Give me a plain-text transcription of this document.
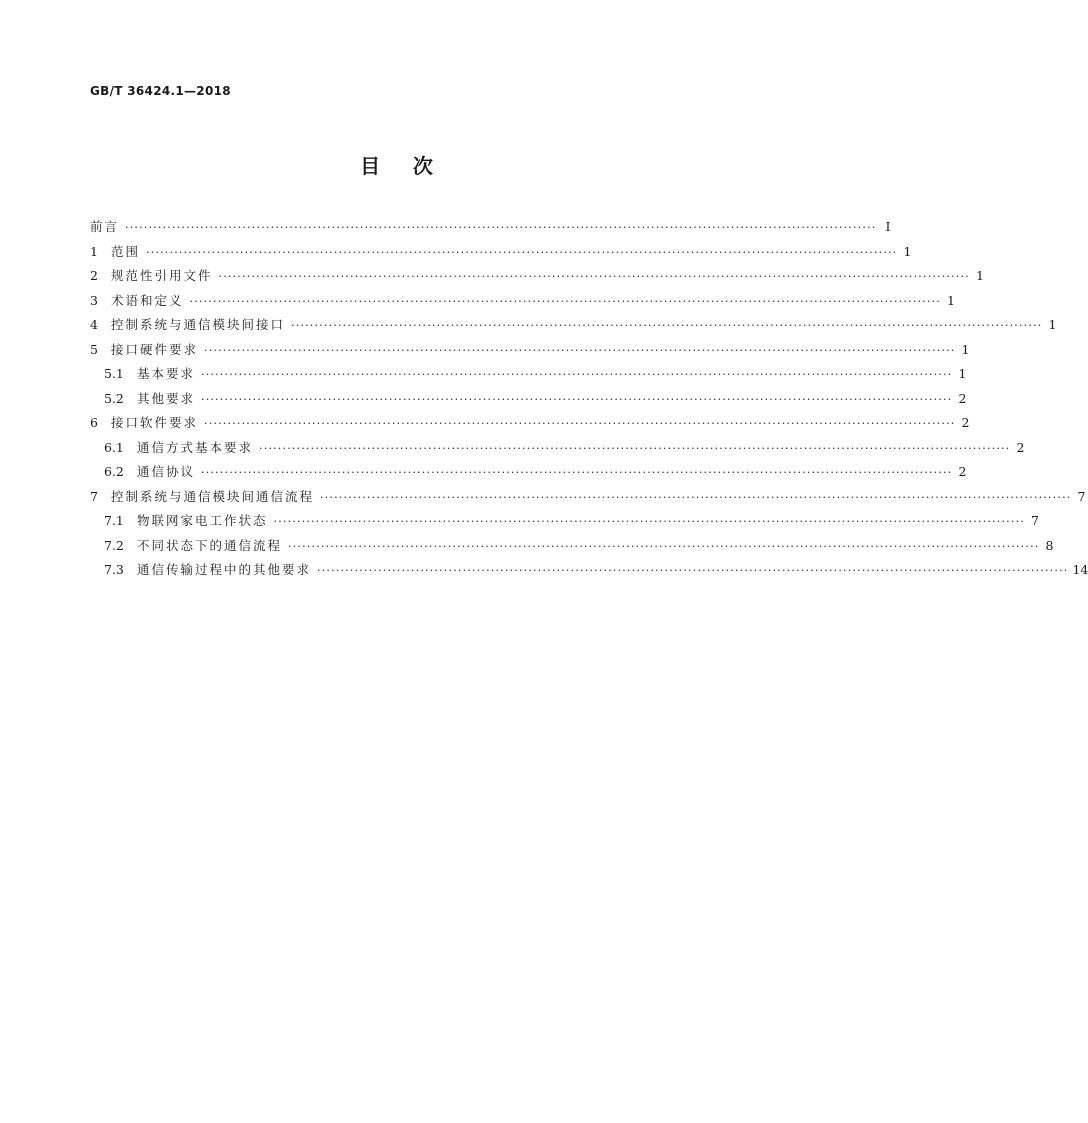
GB/T 36424.1—2018
目    次
前言 ································································································································································ I
1	范围 ································································································································································ 1
2	规范性引用文件 ································································································································································ 1
3	术语和定义 ································································································································································ 1
4	控制系统与通信模块间接口 ································································································································································ 1
5	接口硬件要求 ································································································································································ 1
5.1	基本要求 ································································································································································ 1
5.2	其他要求 ································································································································································ 2
6	接口软件要求 ································································································································································ 2
6.1	通信方式基本要求 ································································································································································ 2
6.2	通信协议 ································································································································································ 2
7	控制系统与通信模块间通信流程 ································································································································································ 7
7.1	物联网家电工作状态 ································································································································································ 7
7.2	不同状态下的通信流程 ································································································································································ 8
7.3	通信传输过程中的其他要求 ································································································································································ 14
